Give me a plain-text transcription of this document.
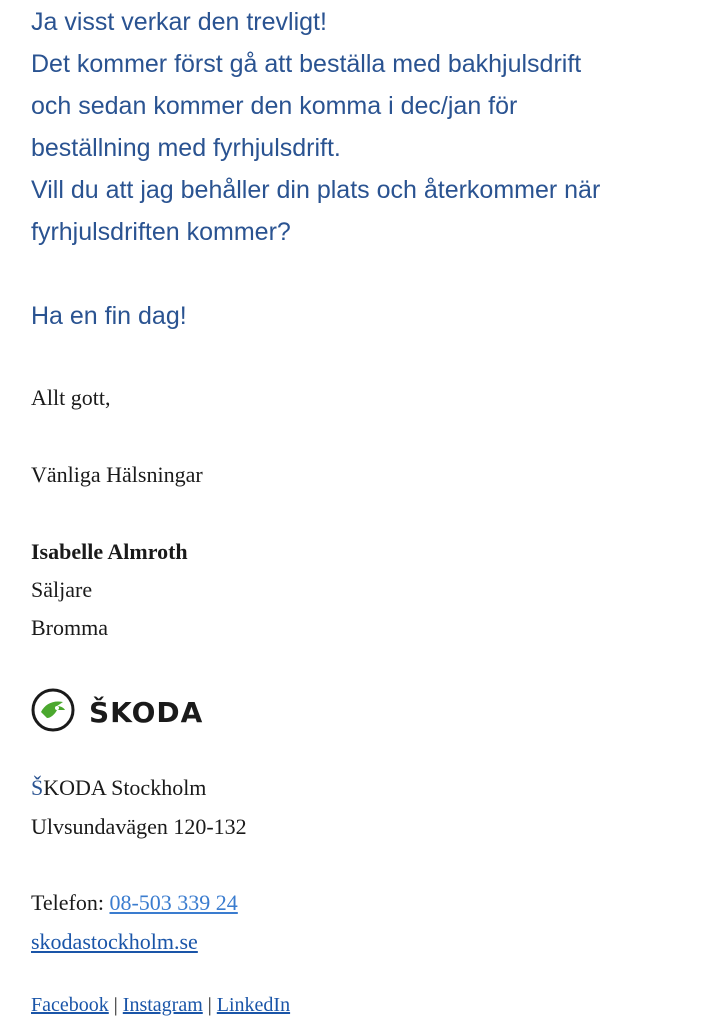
Ja visst verkar den trevligt!

Det kommer först gå att beställa med bakhjulsdrift

och sedan kommer den komma i dec/jan för

beställning med fyrhjulsdrift.

Vill du att jag behåller din plats och återkommer när

fyrhjulsdriften kommer?

Ha en fin dag!

Allt gott,
Vänliga Hälsningar
Isabelle Almroth
Säljare
Bromma
ŠKODA
ŠKODA Stockholm
Ulvsundavägen 120-132
Telefon: 08-503 339 24
skodastockholm.se
Facebook | Instagram | LinkedIn
